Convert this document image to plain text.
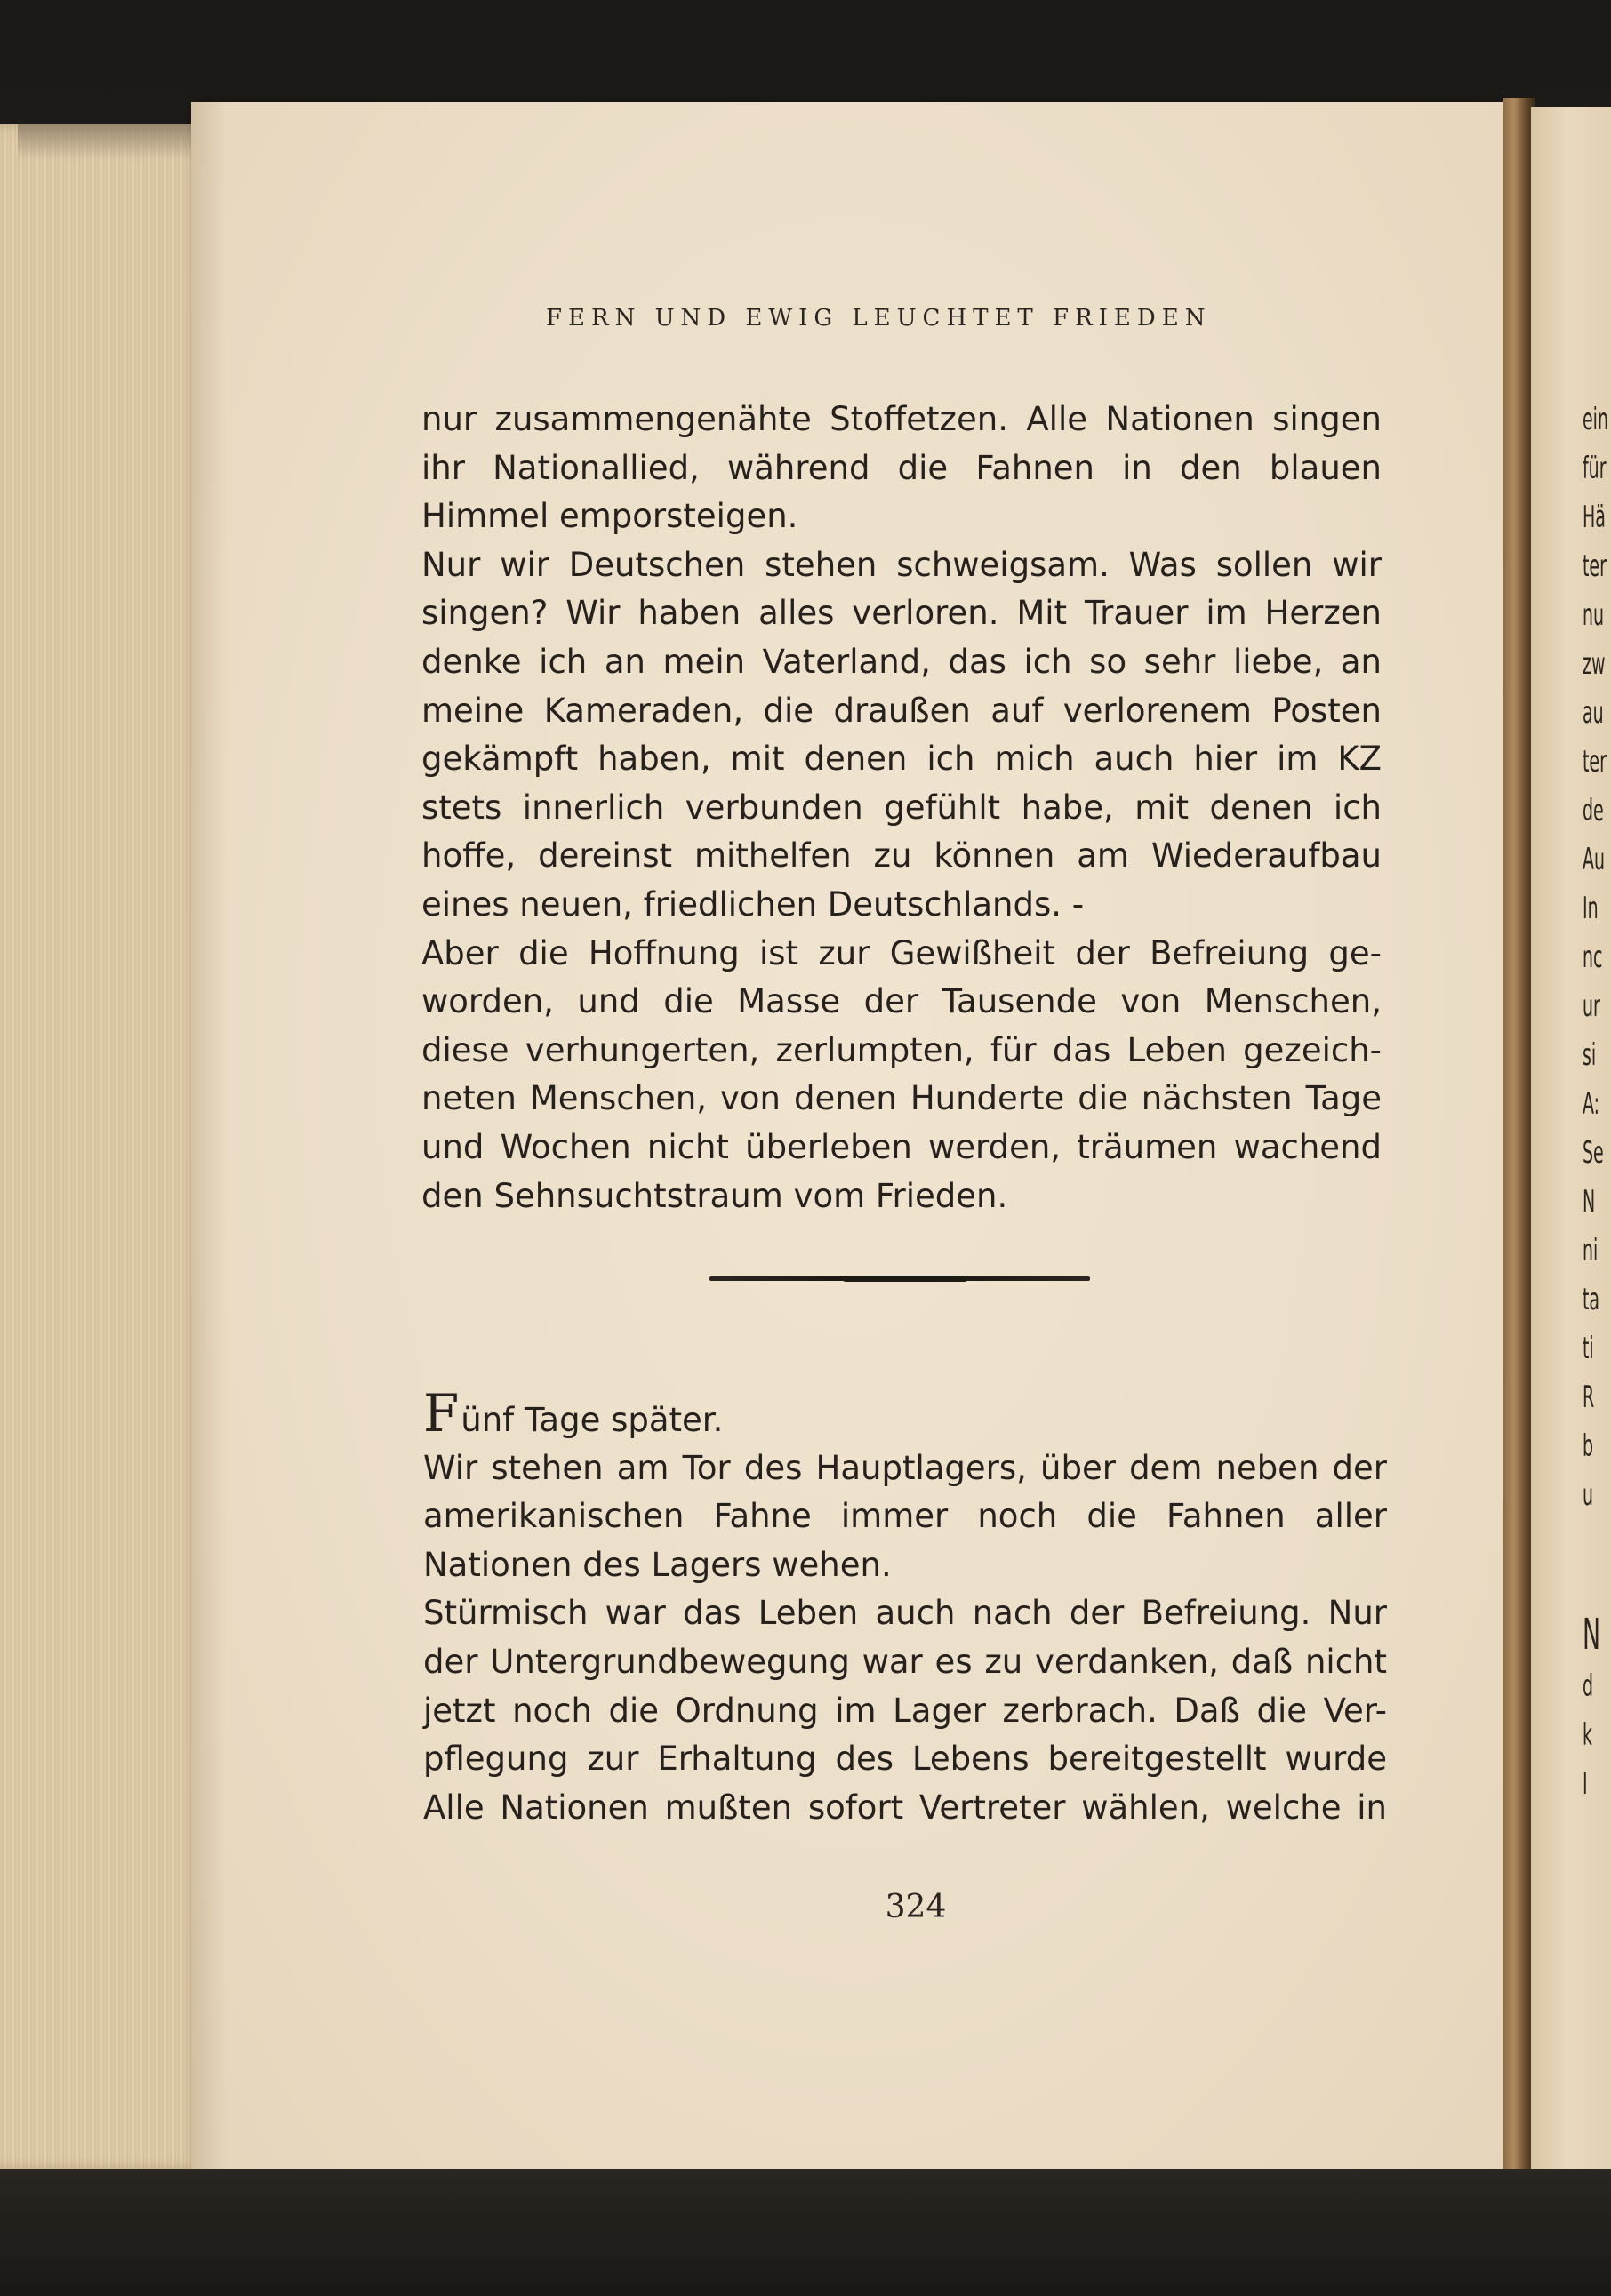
FERN UND EWIG LEUCHTET FRIEDEN
nur zusammengenähte Stoffetzen. Alle Nationen singen
ihr Nationallied, während die Fahnen in den blauen
Himmel emporsteigen.
Nur wir Deutschen stehen schweigsam. Was sollen wir
singen? Wir haben alles verloren. Mit Trauer im Herzen
denke ich an mein Vaterland, das ich so sehr liebe, an
meine Kameraden, die draußen auf verlorenem Posten
gekämpft haben, mit denen ich mich auch hier im KZ
stets innerlich verbunden gefühlt habe, mit denen ich
hoffe, dereinst mithelfen zu können am Wiederaufbau
eines neuen, friedlichen Deutschlands. -
Aber die Hoffnung ist zur Gewißheit der Befreiung ge-
worden, und die Masse der Tausende von Menschen,
diese verhungerten, zerlumpten, für das Leben gezeich-
neten Menschen, von denen Hunderte die nächsten Tage
und Wochen nicht überleben werden, träumen wachend
den Sehnsuchtstraum vom Frieden.
Fünf Tage später.
Wir stehen am Tor des Hauptlagers, über dem neben der
amerikanischen Fahne immer noch die Fahnen aller
Nationen des Lagers wehen.
Stürmisch war das Leben auch nach der Befreiung. Nur
der Untergrundbewegung war es zu verdanken, daß nicht
jetzt noch die Ordnung im Lager zerbrach. Daß die Ver-
pflegung zur Erhaltung des Lebens bereitgestellt wurde
Alle Nationen mußten sofort Vertreter wählen, welche in
324
ein
für
Hä
ter
nu
zw
au
ter
de
Au
In
nc
ur
si
A:
Se
N
ni
ta
ti
R
b
u
N
d
k
I
